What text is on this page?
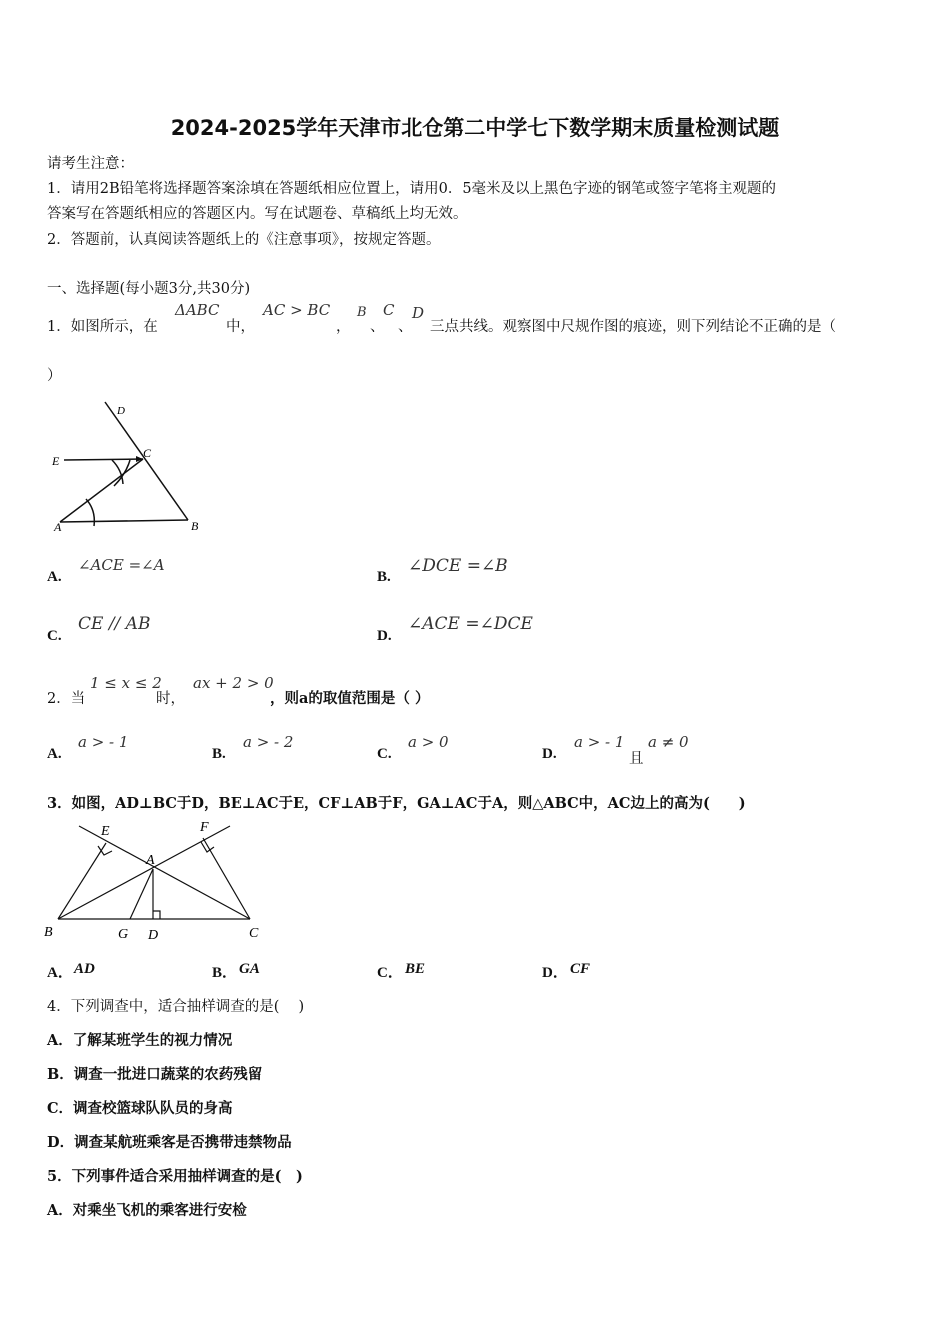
2024-2025学年天津市北仓第二中学七下数学期末质量检测试题
请考生注意：
1．请用2B铅笔将选择题答案涂填在答题纸相应位置上，请用0．5毫米及以上黑色字迹的钢笔或签字笔将主观题的
答案写在答题纸相应的答题区内。写在试题卷、草稿纸上均无效。
2．答题前，认真阅读答题纸上的《注意事项》，按规定答题。
一、选择题(每小题3分,共30分)
1．如图所示，在
ΔABC
中，
AC > BC
，
B
、
C
、
D
三点共线。观察图中尺规作图的痕迹，则下列结论不正确的是（
）
D
E
C
A	B
A.
∠ACE =∠A
B.
∠DCE =∠B
C.
CE // AB
D.
∠ACE =∠DCE
2．当
1 ≤ x ≤ 2
时，
ax + 2 > 0
，则a的取值范围是（ ）
A.
a > - 1
B.
a > - 2
C.
a > 0
D.
a > - 1
且
a ≠ 0
3．如图，AD⊥BC于D，BE⊥AC于E，CF⊥AB于F，GA⊥AC于A，则△ABC中，AC边上的高为(　　)
E	F
A
B	G D	C
A． AD	B． GA	C． BE	D． CF
4．下列调查中，适合抽样调查的是(　 )
A．了解某班学生的视力情况
B．调查一批进口蔬菜的农药残留
C．调查校篮球队队员的身高
D．调查某航班乘客是否携带违禁物品
5．下列事件适合采用抽样调查的是(　)
A．对乘坐飞机的乘客进行安检
